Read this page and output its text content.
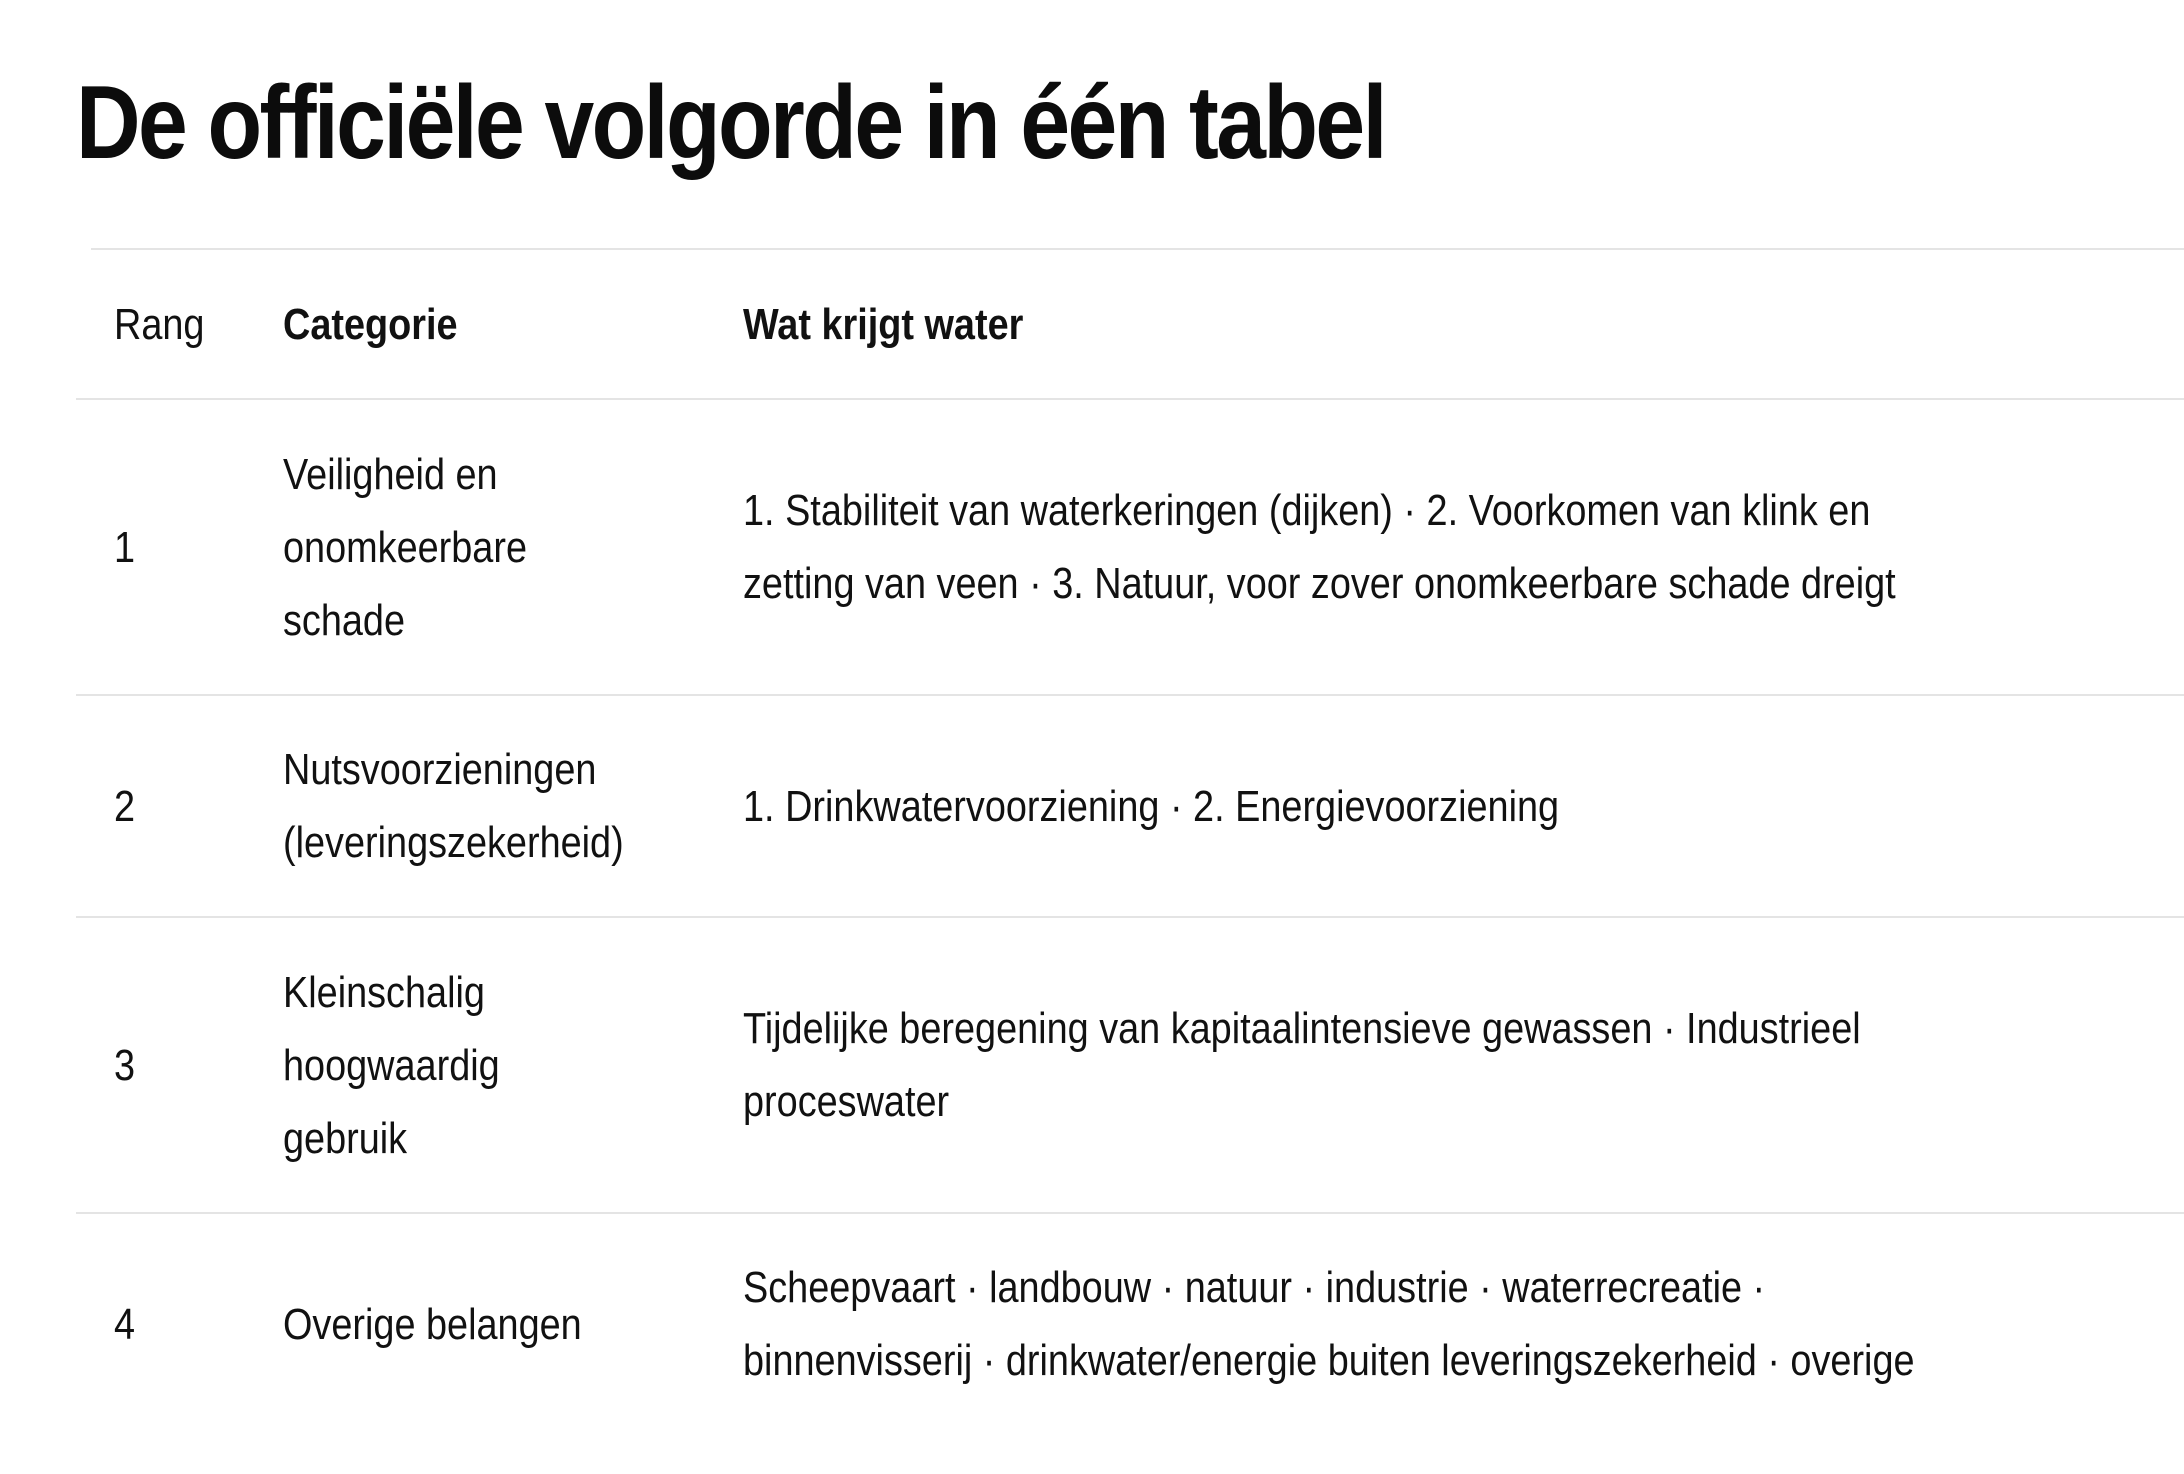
De officiële volgorde in één tabel
Rang Categorie	Wat krijgt water
1
Veiligheid en onomkeerbare schade
1. Stabiliteit van waterkeringen (dijken) · 2. Voorkomen van klink en zetting van veen · 3. Natuur, voor zover onomkeerbare schade dreigt
2
Nutsvoorzieningen (leveringszekerheid)
1. Drinkwatervoorziening · 2. Energievoorziening
3
Kleinschalig hoogwaardig gebruik
Tijdelijke beregening van kapitaalintensieve gewassen · Industrieel proceswater
4	Overige belangen
Scheepvaart · landbouw · natuur · industrie · waterrecreatie · binnenvisserij · drinkwater/energie buiten leveringszekerheid · overige
